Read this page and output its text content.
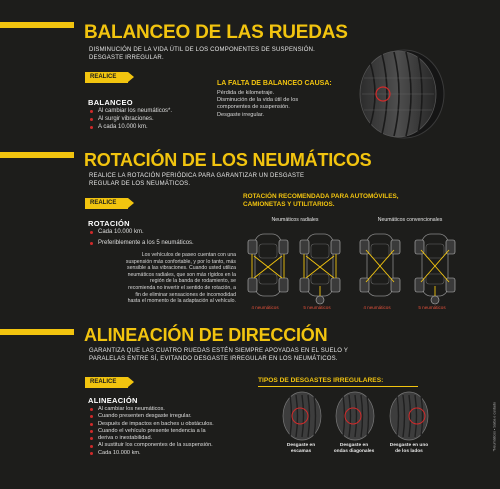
BALANCEO DE LAS RUEDAS
DISMINUCIÓN DE LA VIDA ÚTIL DE LOS COMPONENTES DE SUSPENSIÓN.
DESGASTE IRREGULAR.
REALICE
BALANCEO
Al cambiar los neumáticos*.
Al surgir vibraciones.
A cada 10.000 km.
LA FALTA DE BALANCEO CAUSA:
Pérdida de kilometraje.
Disminución de la vida útil de los
componentes de suspensión.
Desgaste irregular.
ROTACIÓN DE LOS NEUMÁTICOS
REALICE LA ROTACIÓN PERIÓDICA PARA GARANTIZAR UN DESGASTE
REGULAR DE LOS NEUMÁTICOS.
REALICE
ROTACIÓN
Cada 10.000 km.
Preferiblemente a los 5 neumáticos.
Los vehículos de paseo cuentan con una
suspensión más confortable, y por lo tanto, más
sensible a las vibraciones. Cuando usted utiliza
neumáticos radiales, que son más rígidos en la
región de la banda de rodamiento, se
recomienda no invertir el sentido de rotación, a
fin de eliminar sensaciones de incomodidad
hasta el momento de la adaptación al vehículo.
ROTACIÓN RECOMENDADA PARA AUTOMÓVILES,
CAMIONETAS Y UTILITARIOS.
Neumáticos radiales	Neumáticos convencionales
4 neumáticos	5 neumáticos	4 neumáticos	5 neumáticos
ALINEACIÓN DE DIRECCIÓN
GARANTIZA QUE LAS CUATRO RUEDAS ESTÉN SIEMPRE APOYADAS EN EL SUELO Y
PARALELAS ENTRE SÍ, EVITANDO DESGASTE IRREGULAR EN LOS NEUMÁTICOS.
REALICE
ALINEACIÓN
Al cambiar los neumáticos.
Cuando presenten desgaste irregular.
Después de impactos en baches u obstáculos.
Cuando el vehículo presente tendencia a la
deriva o inestabilidad.
Al sustituir los componentes de la suspensión.
Cada 10.000 km.
TIPOS DE DESGASTES IRREGULARES:
Desgaste en
escamas
Desgaste en
ondas diagonales
Desgaste en uno
de los lados
*Neumáticos • Saiba e cuidado
